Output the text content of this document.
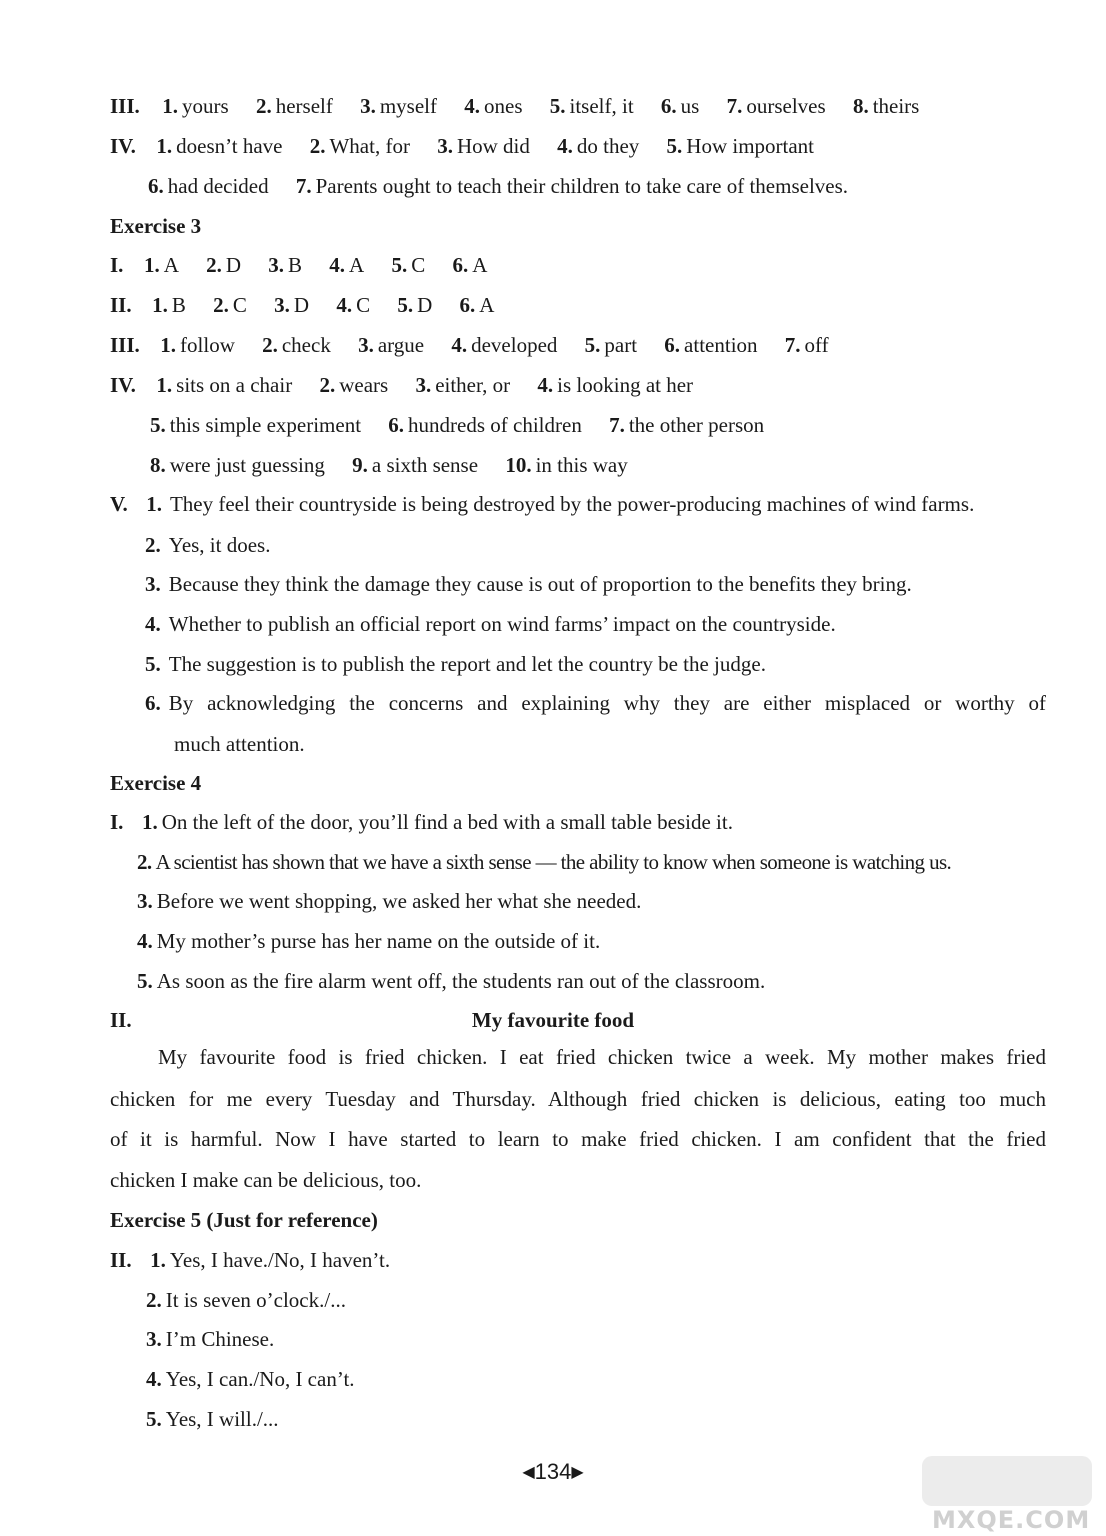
III. 1. yours 2. herself 3. myself 4. ones 5. itself, it 6. us 7. ourselves 8. theirs
IV. 1. doesn’t have 2. What, for 3. How did 4. do they 5. How important
6. had decided 7. Parents ought to teach their children to take care of themselves.
Exercise 3
I. 1. A 2. D 3. B 4. A 5. C 6. A
II. 1. B 2. C 3. D 4. C 5. D 6. A
III. 1. follow 2. check 3. argue 4. developed 5. part 6. attention 7. off
IV. 1. sits on a chair 2. wears 3. either, or 4. is looking at her
5. this simple experiment 6. hundreds of children 7. the other person
8. were just guessing 9. a sixth sense 10. in this way
V. 1. They feel their countryside is being destroyed by the power-producing machines of wind farms.
2. Yes, it does.
3. Because they think the damage they cause is out of proportion to the benefits they bring.
4. Whether to publish an official report on wind farms’ impact on the countryside.
5. The suggestion is to publish the report and let the country be the judge.
6. By acknowledging the concerns and explaining why they are either misplaced or worthy of
much attention.
Exercise 4
I. 1. On the left of the door, you’ll find a bed with a small table beside it.
2. A scientist has shown that we have a sixth sense — the ability to know when someone is watching us.
3. Before we went shopping, we asked her what she needed.
4. My mother’s purse has her name on the outside of it.
5. As soon as the fire alarm went off, the students ran out of the classroom.
II.	My favourite food
My favourite food is fried chicken. I eat fried chicken twice a week. My mother makes fried
chicken for me every Tuesday and Thursday. Although fried chicken is delicious, eating too much
of it is harmful. Now I have started to learn to make fried chicken. I am confident that the fried
chicken I make can be delicious, too.
Exercise 5 (Just for reference)
II. 1. Yes, I have./No, I haven’t.
2. It is seven o’clock./...
3. I’m Chinese.
4. Yes, I can./No, I can’t.
5. Yes, I will./...
◀134▶
MXQE.COM
